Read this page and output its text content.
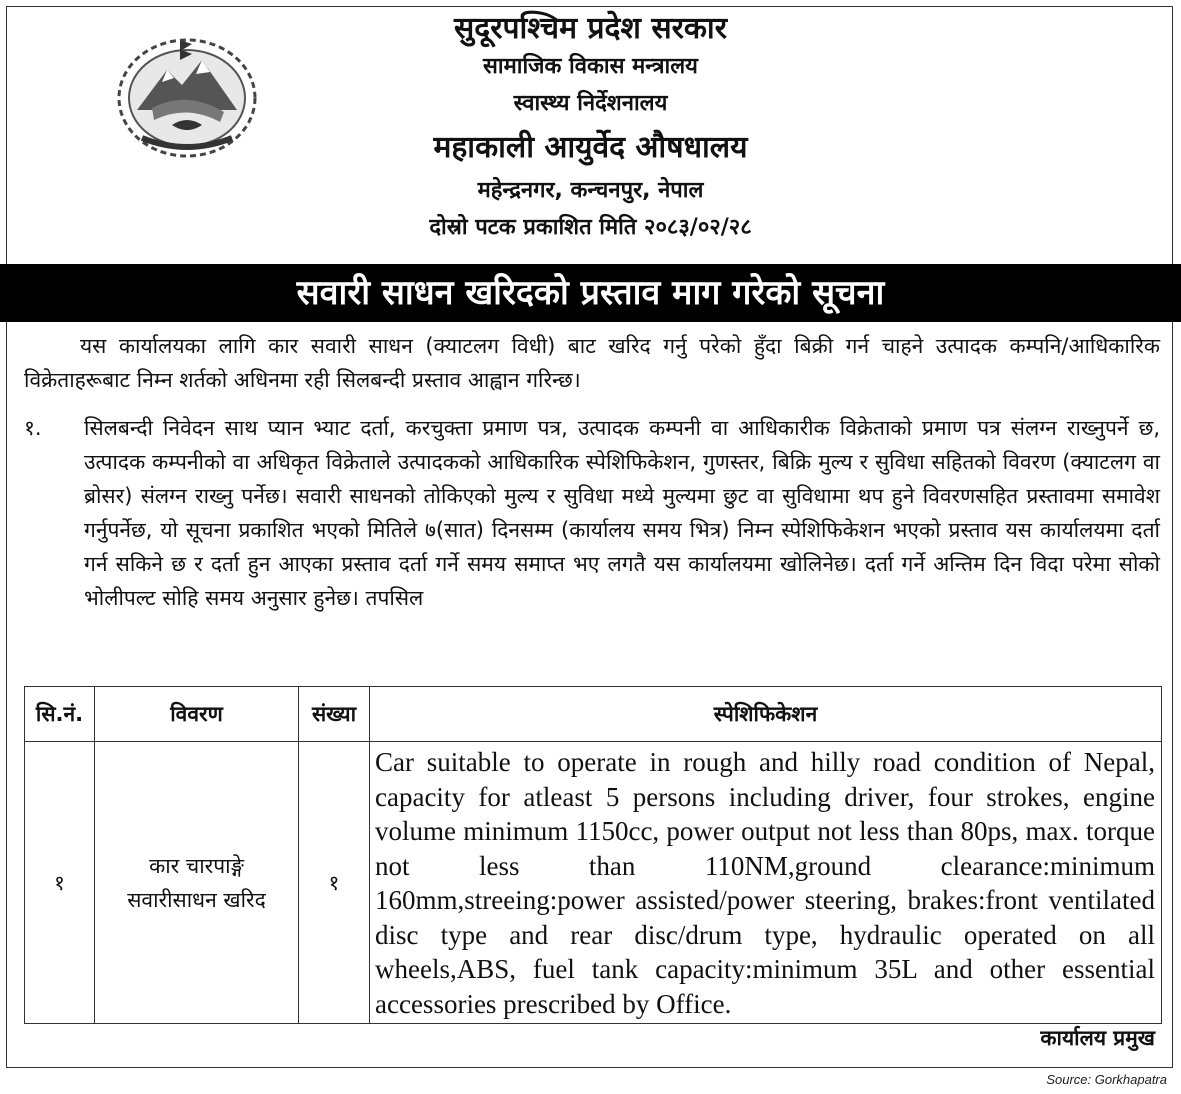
सुदूरपश्चिम प्रदेश सरकार
सामाजिक विकास मन्त्रालय
स्वास्थ्य निर्देशनालय
महाकाली आयुर्वेद औषधालय
महेन्द्रनगर, कन्चनपुर, नेपाल
दोस्रो पटक प्रकाशित मिति २०८३/०२/२८
सवारी साधन खरिदको प्रस्ताव माग गरेको सूचना
यस कार्यालयका लागि कार सवारी साधन (क्याटलग विधी) बाट खरिद गर्नु परेको हुँदा बिक्री गर्न चाहने उत्पादक कम्पनि/आधिकारिक विक्रेताहरूबाट निम्न शर्तको अधिनमा रही सिलबन्दी प्रस्ताव आह्वान गरिन्छ।
१. सिलबन्दी निवेदन साथ प्यान भ्याट दर्ता, करचुक्ता प्रमाण पत्र, उत्पादक कम्पनी वा आधिकारीक विक्रेताको प्रमाण पत्र संलग्न राख्नुपर्ने छ, उत्पादक कम्पनीको वा अधिकृत विक्रेताले उत्पादकको आधिकारिक स्पेशिफिकेशन, गुणस्तर, बिक्रि मुल्य र सुविधा सहितको विवरण (क्याटलग वा ब्रोसर) संलग्न राख्नु पर्नेछ। सवारी साधनको तोकिएको मुल्य र सुविधा मध्ये मुल्यमा छुट वा सुविधामा थप हुने विवरणसहित प्रस्तावमा समावेश गर्नुपर्नेछ, यो सूचना प्रकाशित भएको मितिले ७(सात) दिनसम्म (कार्यालय समय भित्र) निम्न स्पेशिफिकेशन भएको प्रस्ताव यस कार्यालयमा दर्ता गर्न सकिने छ र दर्ता हुन आएका प्रस्ताव दर्ता गर्ने समय समाप्त भए लगतै यस कार्यालयमा खोलिनेछ। दर्ता गर्ने अन्तिम दिन विदा परेमा सोको भोलीपल्ट सोहि समय अनुसार हुनेछ। तपसिल
सि.नं.	विवरण	संख्या	स्पेशिफिकेशन
१	कार चारपाङ्गे सवारीसाधन खरिद	१	Car suitable to operate in rough and hilly road condition of Nepal, capacity for atleast 5 persons including driver, four strokes, engine volume minimum 1150cc, power output not less than 80ps, max. torque not less than 110NM,ground clearance:minimum 160mm,streeing:power assisted/power steering, brakes:front ventilated disc type and rear disc/drum type, hydraulic operated on all wheels,ABS, fuel tank capacity:minimum 35L and other essential accessories prescribed by Office.
कार्यालय प्रमुख
Source: Gorkhapatra
